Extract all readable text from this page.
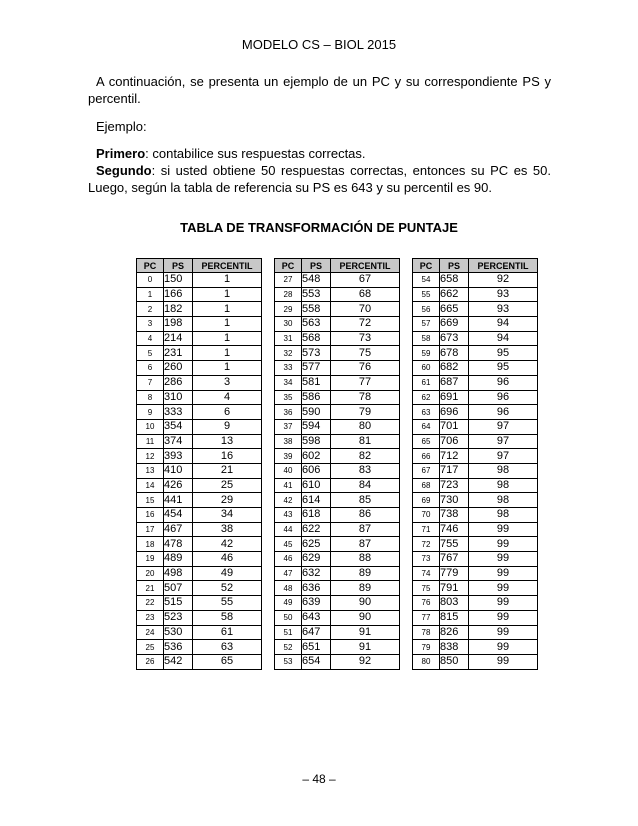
MODELO CS – BIOL 2015
A continuación, se presenta un ejemplo de un PC y su correspondiente PS y percentil.
Ejemplo:
Primero: contabilice sus respuestas correctas.
Segundo: si usted obtiene 50 respuestas correctas, entonces su PC es 50. Luego, según la tabla de referencia su PS es 643 y su percentil es 90.
TABLA DE TRANSFORMACIÓN DE PUNTAJE
PC	PS	PERCENTIL
0	150	1
1	166	1
2	182	1
3	198	1
4	214	1
5	231	1
6	260	1
7	286	3
8	310	4
9	333	6
10	354	9
11	374	13
12	393	16
13	410	21
14	426	25
15	441	29
16	454	34
17	467	38
18	478	42
19	489	46
20	498	49
21	507	52
22	515	55
23	523	58
24	530	61
25	536	63
26	542	65
PC	PS	PERCENTIL
27	548	67
28	553	68
29	558	70
30	563	72
31	568	73
32	573	75
33	577	76
34	581	77
35	586	78
36	590	79
37	594	80
38	598	81
39	602	82
40	606	83
41	610	84
42	614	85
43	618	86
44	622	87
45	625	87
46	629	88
47	632	89
48	636	89
49	639	90
50	643	90
51	647	91
52	651	91
53	654	92
PC	PS	PERCENTIL
54	658	92
55	662	93
56	665	93
57	669	94
58	673	94
59	678	95
60	682	95
61	687	96
62	691	96
63	696	96
64	701	97
65	706	97
66	712	97
67	717	98
68	723	98
69	730	98
70	738	98
71	746	99
72	755	99
73	767	99
74	779	99
75	791	99
76	803	99
77	815	99
78	826	99
79	838	99
80	850	99
– 48 –
